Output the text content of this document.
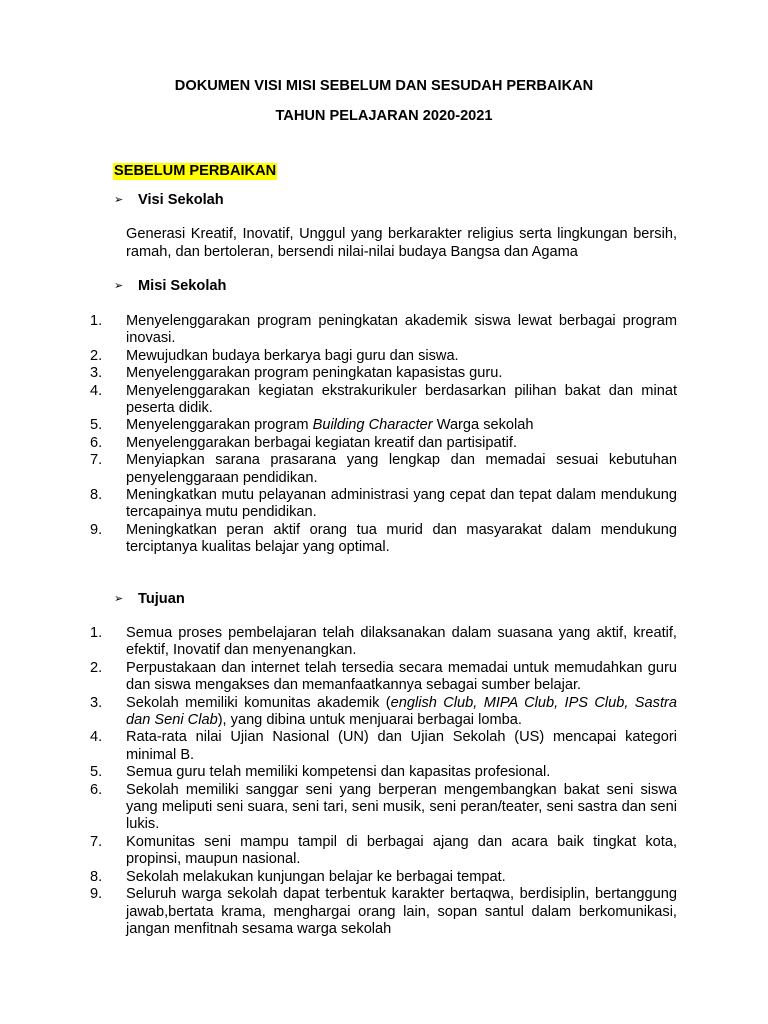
DOKUMEN VISI MISI SEBELUM DAN SESUDAH PERBAIKAN
TAHUN PELAJARAN 2020-2021
SEBELUM PERBAIKAN
➢	Visi Sekolah
Generasi Kreatif, Inovatif, Unggul yang berkarakter religius serta lingkungan bersih, ramah, dan bertoleran, bersendi nilai-nilai budaya Bangsa dan Agama
➢	Misi Sekolah
1.	Menyelenggarakan program peningkatan akademik siswa lewat berbagai program inovasi.
2.	Mewujudkan budaya berkarya bagi guru dan siswa.
3.	Menyelenggarakan program peningkatan kapasistas guru.
4.	Menyelenggarakan kegiatan ekstrakurikuler berdasarkan pilihan bakat dan minat peserta didik.
5.	Menyelenggarakan program Building Character Warga sekolah
6.	Menyelenggarakan berbagai kegiatan kreatif dan partisipatif.
7.	Menyiapkan sarana prasarana yang lengkap dan memadai sesuai kebutuhan penyelenggaraan pendidikan.
8.	Meningkatkan mutu pelayanan administrasi yang cepat dan tepat dalam mendukung tercapainya mutu pendidikan.
9.	Meningkatkan peran aktif orang tua murid dan masyarakat dalam mendukung terciptanya kualitas belajar yang optimal.
➢	Tujuan
1.	Semua proses pembelajaran telah dilaksanakan dalam suasana yang aktif, kreatif, efektif, Inovatif dan menyenangkan.
2.	Perpustakaan dan internet telah tersedia secara memadai untuk memudahkan guru dan siswa mengakses dan memanfaatkannya sebagai sumber belajar.
3.	Sekolah memiliki komunitas akademik (english Club, MIPA Club, IPS Club, Sastra dan Seni Clab), yang dibina untuk menjuarai berbagai lomba.
4.	Rata-rata nilai Ujian Nasional (UN) dan Ujian Sekolah (US) mencapai kategori minimal B.
5.	Semua guru telah memiliki kompetensi dan kapasitas profesional.
6.	Sekolah memiliki sanggar seni yang berperan mengembangkan bakat seni siswa yang meliputi seni suara, seni tari, seni musik, seni peran/teater, seni sastra dan seni lukis.
7.	Komunitas seni mampu tampil di berbagai ajang dan acara baik tingkat kota, propinsi, maupun nasional.
8.	Sekolah melakukan kunjungan belajar ke berbagai tempat.
9.	Seluruh warga sekolah dapat terbentuk karakter bertaqwa, berdisiplin, bertanggung jawab,bertata krama, menghargai orang lain, sopan santul dalam berkomunikasi, jangan menfitnah sesama warga sekolah
